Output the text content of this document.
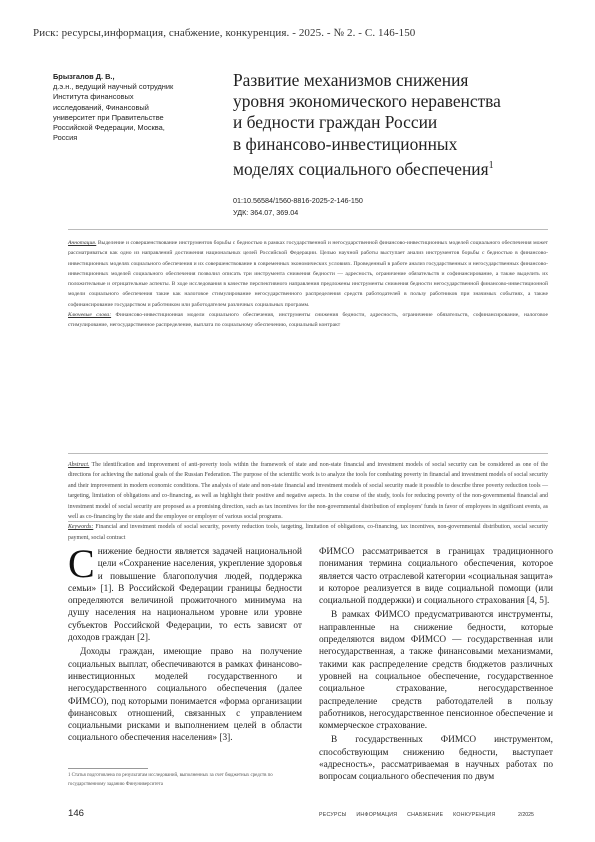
Риск: ресурсы,информация, снабжение, конкуренция. - 2025. - № 2. - С. 146-150
Брызгалов Д. В.,
д.э.н., ведущий научный сотрудник
Института финансовых
исследований, Финансовый
университет при Правительстве
Российской Федерации, Москва,
Россия
Развитие механизмов снижения
уровня экономического неравенства
и бедности граждан России
в финансово-инвестиционных
моделях социального обеспечения$^1$
01:10.56584/1560-8816-2025-2-146-150
УДК: 364.07, 369.04
Аннотация. Выделение и совершенствование инструментов борьбы с бедностью в рамках государственной и негосударственной финансово-инвестиционных моделей социального обеспечения может рассматриваться как одно из направлений достижения национальных целей Российской Федерации. Целью научной работы выступает анализ инструментов борьбы с бедностью в финансово-инвестиционных моделях социального обеспечения и их совершенствование в современных экономических условиях. Проведенный в работе анализ государственных и негосударственных финансово-инвестиционных моделей социального обеспечения позволил описать три инструмента снижения бедности — адресность, ограничение обязательств и софинансирование, а также выделить их положительные и отрицательные аспекты. В ходе исследования в качестве перспективного направления предложены инструменты снижения бедности негосударственной финансово-инвестиционной модели социального обеспечения такие как налоговое стимулирование негосударственного распределения средств работодателей в пользу работников при значимых событиях, а также софинансирование государством и работником или работодателем различных социальных программ.
Ключевые слова: Финансово-инвестиционная модели социального обеспечения, инструменты снижения бедности, адресность, ограничение обязательств, софинансирование, налоговое стимулирование, негосударственное распределение, выплата по социальному обеспечению, социальный контракт
Abstract. The identification and improvement of anti-poverty tools within the framework of state and non-state financial and investment models of social security can be considered as one of the directions for achieving the national goals of the Russian Federation. The purpose of the scientific work is to analyze the tools for combating poverty in financial and investment models of social security and their improvement in modern economic conditions. The analysis of state and non-state financial and investment models of social security made it possible to describe three poverty reduction tools — targeting, limitation of obligations and co-financing, as well as highlight their positive and negative aspects. In the course of the study, tools for reducing poverty of the non-governmental financial and investment model of social security are proposed as a promising direction, such as tax incentives for the non-governmental distribution of employers' funds in favor of employees in significant events, as well as co-financing by the state and the employee or employer of various social programs.
Keywords: Financial and investment models of social security, poverty reduction tools, targeting, limitation of obligations, co-financing, tax incentives, non-governmental distribution, social security payment, social contract

Снижение бедности является задачей национальной цели «Сохранение населения, укрепление здоровья и повышение благополучия людей, поддержка семьи» [1]. В Российской Федерации границы бедности определяются величиной прожиточного минимума на душу населения на национальном уровне или уровне субъектов Российской Федерации, то есть зависят от доходов граждан [2].

Доходы граждан, имеющие право на получение социальных выплат, обеспечиваются в рамках финансово-инвестиционных моделей государственного и негосударственного социального обеспечения (далее ФИМСО), под которыми понимается «форма организации финансовых отношений, связанных с управлением социальными рисками и выполнением целей в области социального обеспечения населения» [3].

ФИМСО рассматривается в границах традиционного понимания термина социального обеспечения, которое является часто отраслевой категории «социальная защита» и которое реализуется в виде социальной помощи (или социальной поддержки) и социального страхования [4, 5].

В рамках ФИМСО предусматриваются инструменты, направленные на снижение бедности, которые определяются видом ФИМСО — государственная или негосударственная, а также финансовыми механизмами, такими как распределение средств бюджетов различных уровней на социальное обеспечение, государственное социальное страхование, негосударственное распределение средств работодателей в пользу работников, негосударственное пенсионное обеспечение и коммерческое страхование.

В государственных ФИМСО инструментом, способствующим снижению бедности, выступает «адресность», рассматриваемая в научных работах по вопросам социального обеспечения по двум

1 Статья подготовлена по результатам исследований, выполненных за счет бюджетных средств по государственному заданию Финуниверситета
146	РЕСУРСЫ ИНФОРМАЦИЯ СНАБЖЕНИЕ КОНКУРЕНЦИЯ	2/2025
